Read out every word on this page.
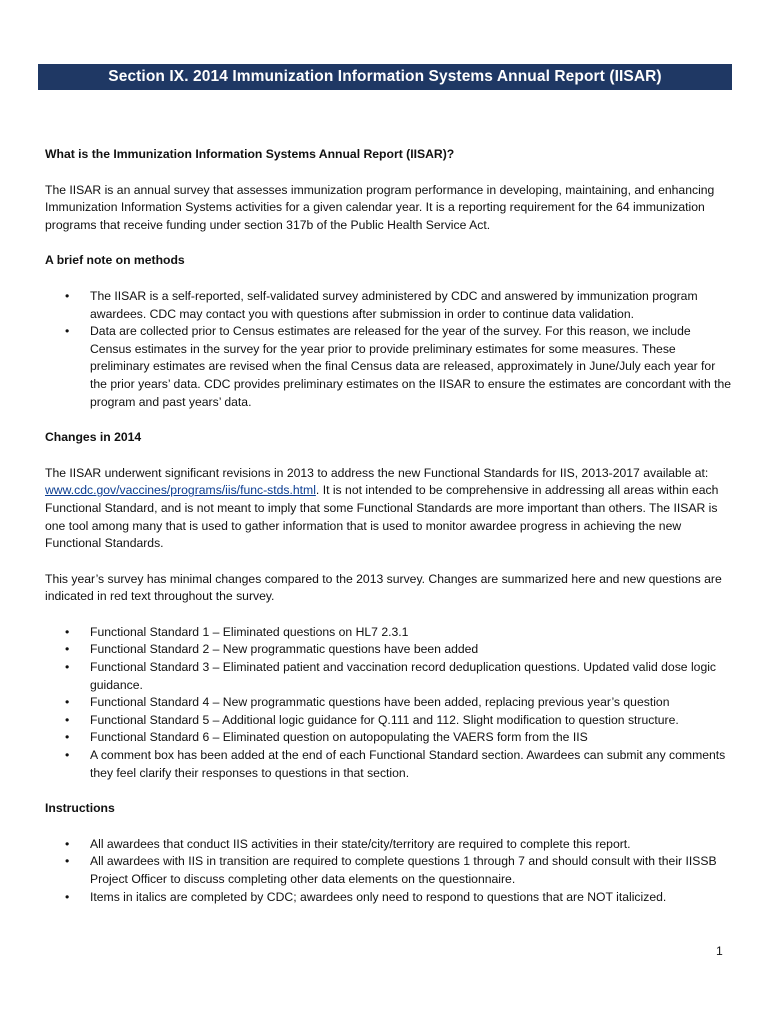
Section IX. 2014 Immunization Information Systems Annual Report (IISAR)
What is the Immunization Information Systems Annual Report (IISAR)?

The IISAR is an annual survey that assesses immunization program performance in developing, maintaining, and enhancing Immunization Information Systems activities for a given calendar year. It is a reporting requirement for the 64 immunization programs that receive funding under section 317b of the Public Health Service Act.

A brief note on methods
• The IISAR is a self-reported, self-validated survey administered by CDC and answered by immunization program awardees. CDC may contact you with questions after submission in order to continue data validation.
• Data are collected prior to Census estimates are released for the year of the survey. For this reason, we include Census estimates in the survey for the year prior to provide preliminary estimates for some measures. These preliminary estimates are revised when the final Census data are released, approximately in June/July each year for the prior years’ data. CDC provides preliminary estimates on the IISAR to ensure the estimates are concordant with the program and past years’ data.
Changes in 2014

The IISAR underwent significant revisions in 2013 to address the new Functional Standards for IIS, 2013-2017 available at: www.cdc.gov/vaccines/programs/iis/func-stds.html. It is not intended to be comprehensive in addressing all areas within each Functional Standard, and is not meant to imply that some Functional Standards are more important than others. The IISAR is one tool among many that is used to gather information that is used to monitor awardee progress in achieving the new Functional Standards.

This year’s survey has minimal changes compared to the 2013 survey. Changes are summarized here and new questions are indicated in red text throughout the survey.

• Functional Standard 1 – Eliminated questions on HL7 2.3.1
• Functional Standard 2 – New programmatic questions have been added
• Functional Standard 3 – Eliminated patient and vaccination record deduplication questions. Updated valid dose logic guidance.
• Functional Standard 4 – New programmatic questions have been added, replacing previous year’s question
• Functional Standard 5 – Additional logic guidance for Q.111 and 112. Slight modification to question structure.
• Functional Standard 6 – Eliminated question on autopopulating the VAERS form from the IIS
• A comment box has been added at the end of each Functional Standard section. Awardees can submit any comments they feel clarify their responses to questions in that section.
Instructions
• All awardees that conduct IIS activities in their state/city/territory are required to complete this report.
• All awardees with IIS in transition are required to complete questions 1 through 7 and should consult with their IISSB Project Officer to discuss completing other data elements on the questionnaire.
• Items in italics are completed by CDC; awardees only need to respond to questions that are NOT italicized.
1
